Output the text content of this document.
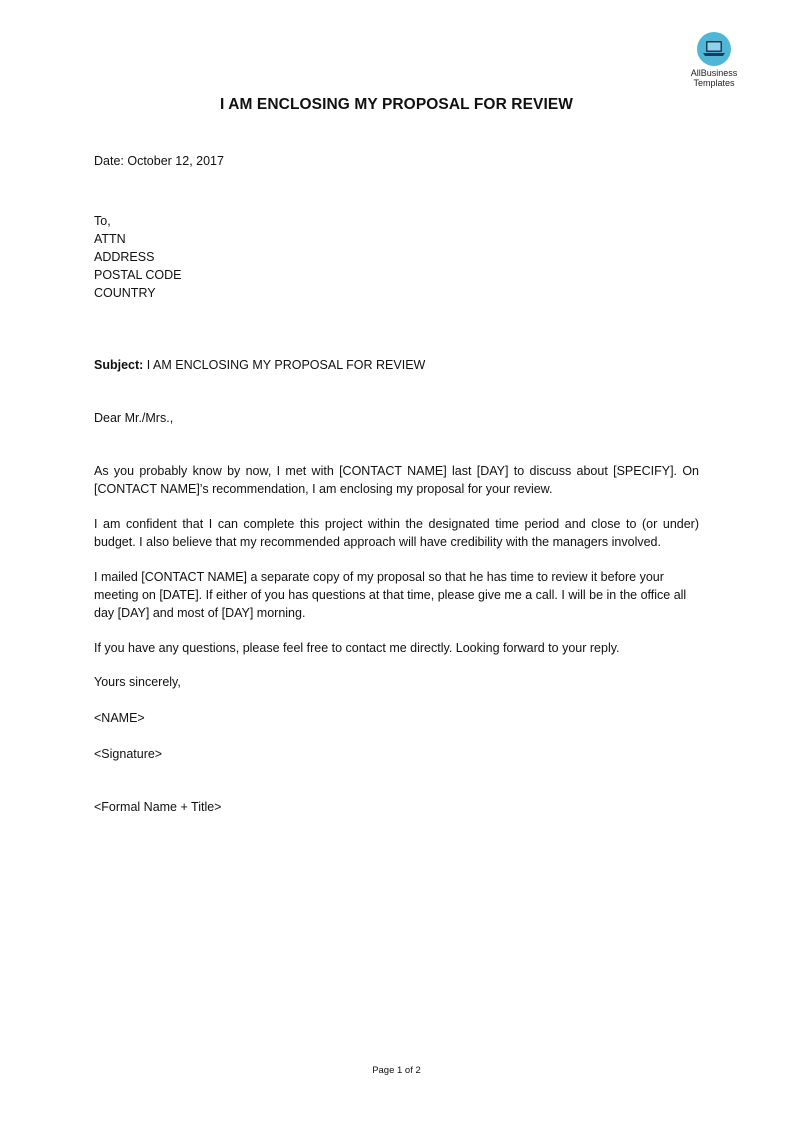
AllBusiness
Templates
I AM ENCLOSING MY PROPOSAL FOR REVIEW

Date: October 12, 2017

To,

ATTN

ADDRESS

POSTAL CODE

COUNTRY

Subject: I AM ENCLOSING MY PROPOSAL FOR REVIEW

Dear Mr./Mrs.,

As you probably know by now, I met with [CONTACT NAME] last [DAY] to discuss about [SPECIFY]. On [CONTACT NAME]’s recommendation, I am enclosing my proposal for your review.

I am confident that I can complete this project within the designated time period and close to (or under) budget. I also believe that my recommended approach will have credibility with the managers involved.

I mailed [CONTACT NAME] a separate copy of my proposal so that he has time to review it before your meeting on [DATE]. If either of you has questions at that time, please give me a call. I will be in the office all day [DAY] and most of [DAY] morning.

If you have any questions, please feel free to contact me directly. Looking forward to your reply.

Yours sincerely,

<NAME>

<Signature>

<Formal Name + Title>

Page 1 of 2
